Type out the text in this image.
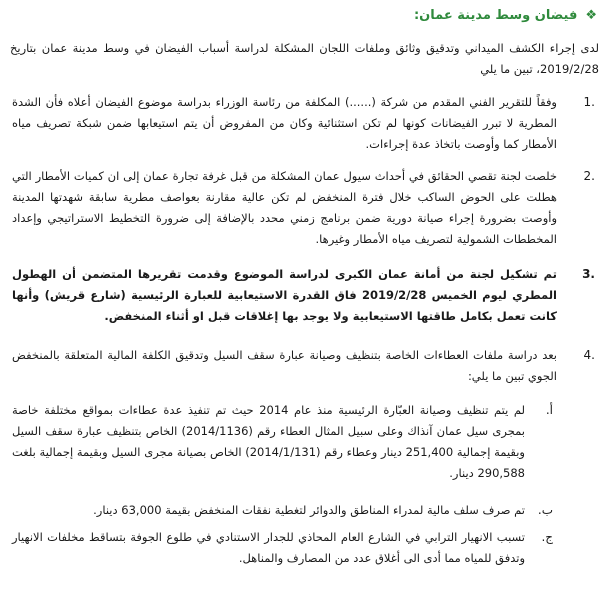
❖
فيضان وسط مدينة عمان:
لدى إجراء الكشف الميداني وتدقيق وثائق وملفات اللجان المشكلة لدراسة أسباب الفيضان في وسط مدينة عمان بتاريخ 2019/2/28، تبين ما يلي
1.
وفقاً للتقرير الفني المقدم من شركة (......) المكلفة من رئاسة الوزراء بدراسة موضوع الفيضان أعلاه فأن الشدة المطرية لا تبرر الفيضانات كونها لم تكن استثنائية وكان من المفروض أن يتم استيعابها ضمن شبكة تصريف مياه الأمطار كما وأوصت باتخاذ عدة إجراءات.
2.
خلصت لجنة تقصي الحقائق في أحداث سيول عمان المشكلة من قبل غرفة تجارة عمان إلى ان كميات الأمطار التي هطلت على الحوض الساكب خلال فترة المنخفض لم تكن عالية مقارنة بعواصف مطرية سابقة شهدتها المدينة وأوصت بضرورة إجراء صيانة دورية ضمن برنامج زمني محدد بالإضافة إلى ضرورة التخطيط الاستراتيجي وإعداد المخططات الشمولية لتصريف مياه الأمطار وغيرها.
3.
تم تشكيل لجنة من أمانة عمان الكبرى لدراسة الموضوع وقدمت تقريرها المتضمن أن الهطول المطري ليوم الخميس 2019/2/28 فاق القدرة الاستيعابية للعبارة الرئيسية (شارع قريش) وأنها كانت تعمل بكامل طاقتها الاستيعابية ولا يوجد بها إغلاقات قبل او أثناء المنخفض.
4.
بعد دراسة ملفات العطاءات الخاصة بتنظيف وصيانة عبارة سقف السيل وتدقيق الكلفة المالية المتعلقة بالمنخفض الجوي تبين ما يلي:
أ.
لم يتم تنظيف وصيانة العبّارة الرئيسية منذ عام 2014 حيث تم تنفيذ عدة عطاءات بمواقع مختلفة خاصة بمجرى سيل عمان آنذاك وعلى سبيل المثال العطاء رقم (2014/1136) الخاص بتنظيف عبارة سقف السيل وبقيمة إجمالية 251,400 دينار وعطاء رقم (2014/1/131) الخاص بصيانة مجرى السيل وبقيمة إجمالية بلغت 290,588 دينار.
ب.
تم صرف سلف مالية لمدراء المناطق والدوائر لتغطية نفقات المنخفض بقيمة 63,000 دينار.
ج.
تسبب الانهيار الترابي في الشارع العام المحاذي للجدار الاستنادي في طلوع الجوفة بتساقط مخلفات الانهيار وتدفق للمياه مما أدى الى أغلاق عدد من المصارف والمناهل.
